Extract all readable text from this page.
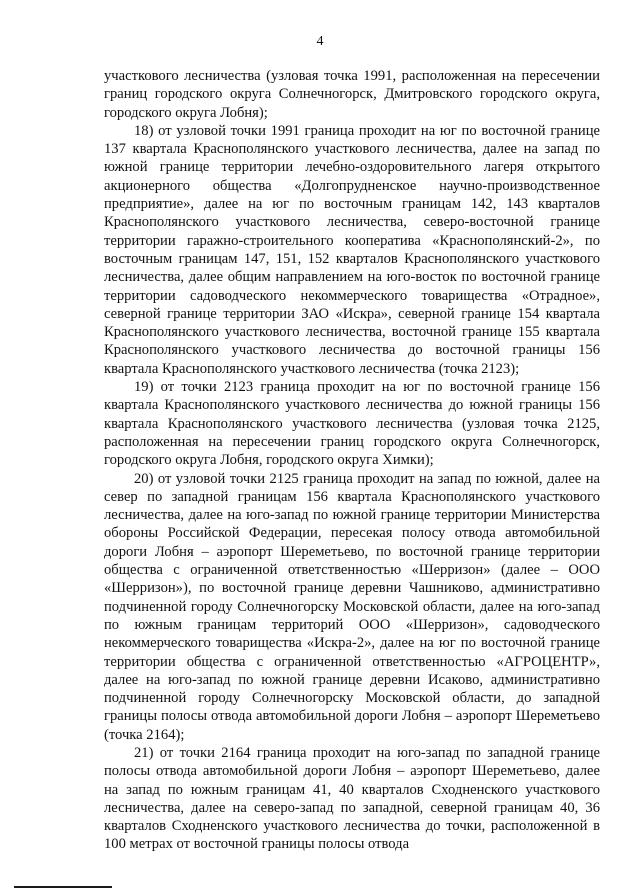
4

участкового лесничества (узловая точка 1991, расположенная на пересечении границ городского округа Солнечногорск, Дмитровского городского округа, городского округа Лобня);

18) от узловой точки 1991 граница проходит на юг по восточной границе 137 квартала Краснополянского участкового лесничества, далее на запад по южной границе территории лечебно-оздоровительного лагеря открытого акционерного общества «Долгопрудненское научно-производственное предприятие», далее на юг по восточным границам 142, 143 кварталов Краснополянского участкового лесничества, северо-восточной границе территории гаражно-строительного кооператива «Краснополянский-2», по восточным границам 147, 151, 152 кварталов Краснополянского участкового лесничества, далее общим направлением на юго-восток по восточной границе территории садоводческого некоммерческого товарищества «Отрадное», северной границе территории ЗАО «Искра», северной границе 154 квартала Краснополянского участкового лесничества, восточной границе 155 квартала Краснополянского участкового лесничества до восточной границы 156 квартала Краснополянского участкового лесничества (точка 2123);

19) от точки 2123 граница проходит на юг по восточной границе 156 квартала Краснополянского участкового лесничества до южной границы 156 квартала Краснополянского участкового лесничества (узловая точка 2125, расположенная на пересечении границ городского округа Солнечногорск, городского округа Лобня, городского округа Химки);

20) от узловой точки 2125 граница проходит на запад по южной, далее на север по западной границам 156 квартала Краснополянского участкового лесничества, далее на юго-запад по южной границе территории Министерства обороны Российской Федерации, пересекая полосу отвода автомобильной дороги Лобня – аэропорт Шереметьево, по восточной границе территории общества с ограниченной ответственностью «Шерризон» (далее – ООО «Шерризон»), по восточной границе деревни Чашниково, административно подчиненной городу Солнечногорску Московской области, далее на юго-запад по южным границам территорий ООО «Шерризон», садоводческого некоммерческого товарищества «Искра-2», далее на юг по восточной границе территории общества с ограниченной ответственностью «АГРОЦЕНТР», далее на юго-запад по южной границе деревни Исаково, административно подчиненной городу Солнечногорску Московской области, до западной границы полосы отвода автомобильной дороги Лобня – аэропорт Шереметьево (точка 2164);

21) от точки 2164 граница проходит на юго-запад по западной границе полосы отвода автомобильной дороги Лобня – аэропорт Шереметьево, далее на запад по южным границам 41, 40 кварталов Сходненского участкового лесничества, далее на северо-запад по западной, северной границам 40, 36 кварталов Сходненского участкового лесничества до точки, расположенной в 100 метрах от восточной границы полосы отвода
